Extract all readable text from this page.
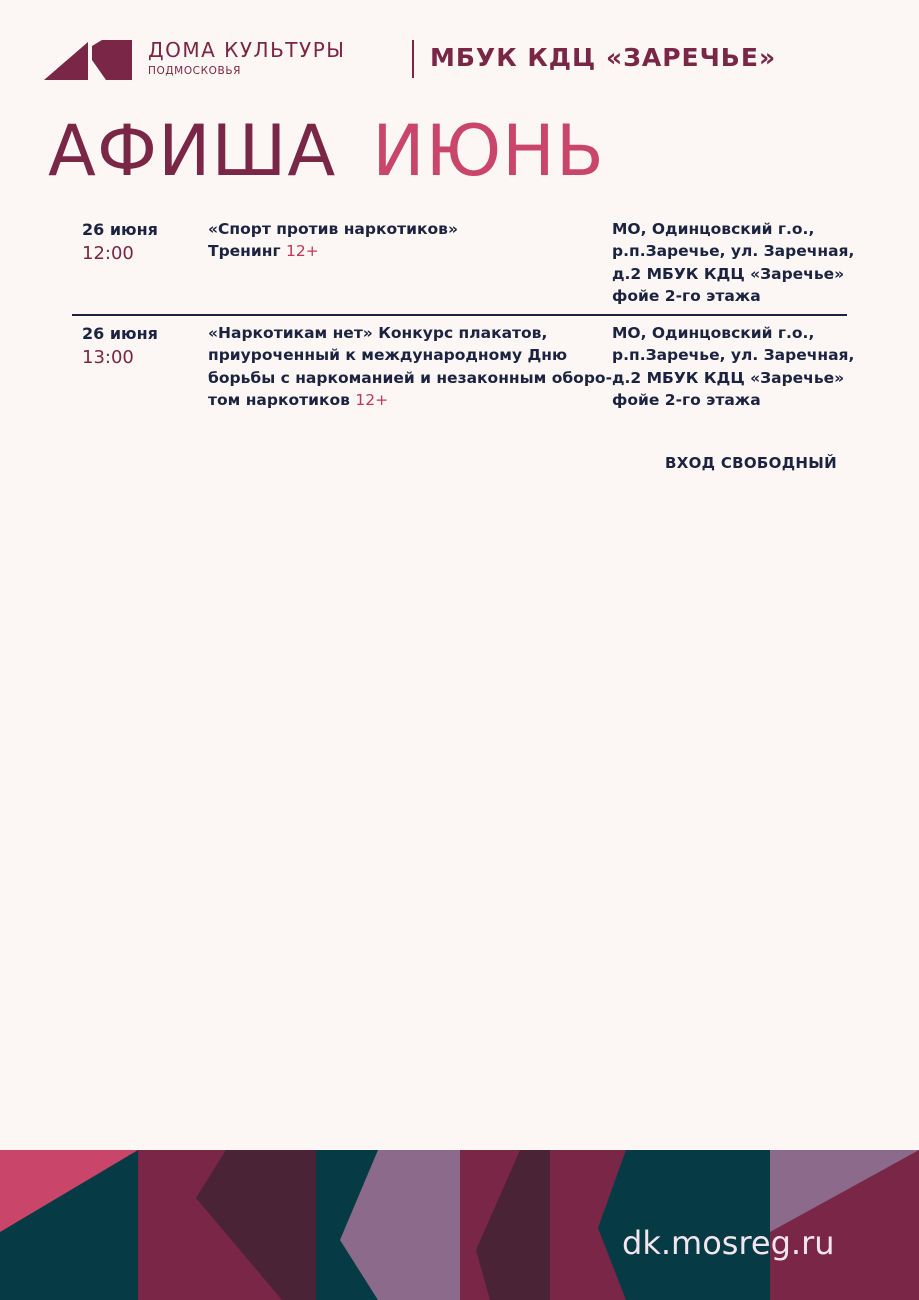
ДОМА КУЛЬТУРЫ
ПОДМОСКОВЬЯ	МБУК КДЦ «ЗАРЕЧЬЕ»
АФИША ИЮНЬ
26 июня
12:00
«Спорт против наркотиков»
Тренинг 12+
МО, Одинцовский г.о.,
р.п.Заречье, ул. Заречная,
д.2 МБУК КДЦ «Заречье»
фойе 2-го этажа
26 июня
13:00
«Наркотикам нет» Конкурс плакатов,
приуроченный к международному Дню
борьбы с наркоманией и незаконным оборо-
том наркотиков 12+
МО, Одинцовский г.о.,
р.п.Заречье, ул. Заречная,
д.2 МБУК КДЦ «Заречье»
фойе 2-го этажа
ВХОД СВОБОДНЫЙ
dk.mosreg.ru
